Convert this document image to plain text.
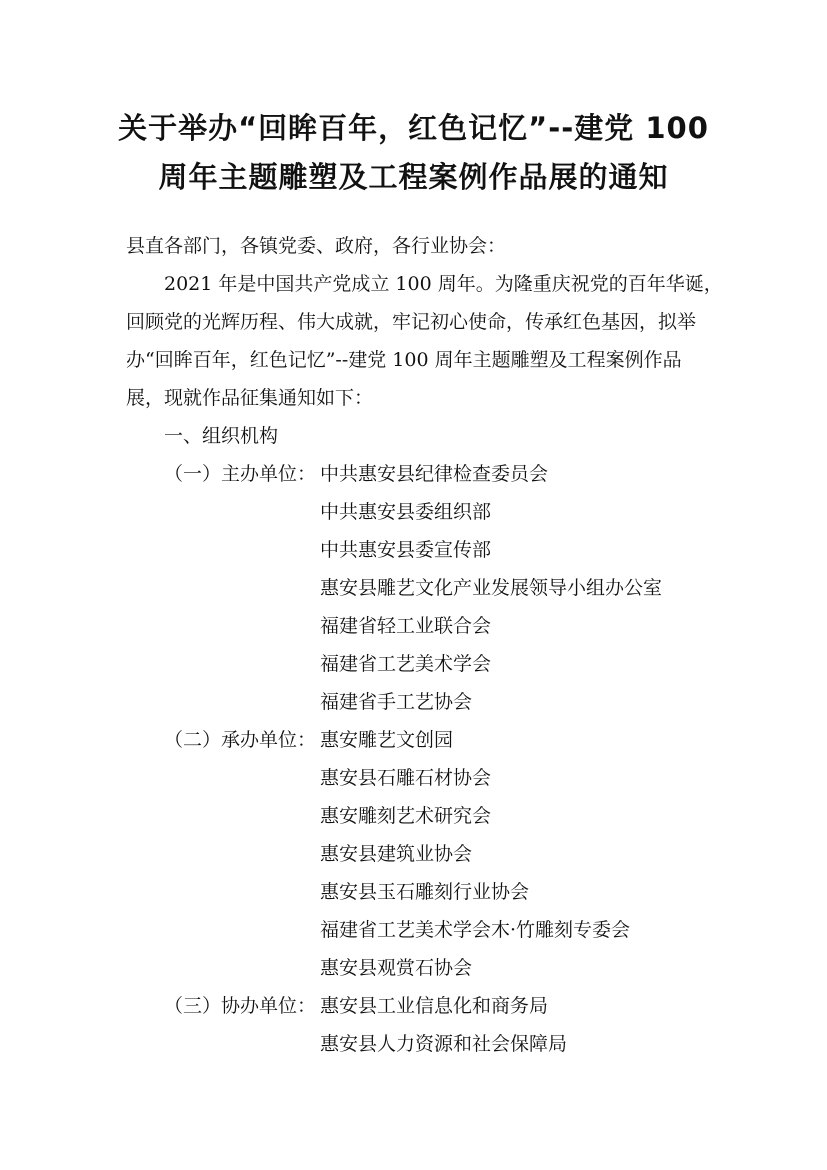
关于举办“回眸百年，红色记忆”--建党 100
周年主题雕塑及工程案例作品展的通知
县直各部门，各镇党委、政府，各行业协会：
2021 年是中国共产党成立 100 周年。为隆重庆祝党的百年华诞，
回顾党的光辉历程、伟大成就，牢记初心使命，传承红色基因，拟举
办“回眸百年，红色记忆”--建党 100 周年主题雕塑及工程案例作品
展，现就作品征集通知如下：
一、组织机构
（一）主办单位： 中共惠安县纪律检查委员会
中共惠安县委组织部
中共惠安县委宣传部
惠安县雕艺文化产业发展领导小组办公室
福建省轻工业联合会
福建省工艺美术学会
福建省手工艺协会
（二）承办单位： 惠安雕艺文创园
惠安县石雕石材协会
惠安雕刻艺术研究会
惠安县建筑业协会
惠安县玉石雕刻行业协会
福建省工艺美术学会木·竹雕刻专委会
惠安县观赏石协会
（三）协办单位： 惠安县工业信息化和商务局
惠安县人力资源和社会保障局
